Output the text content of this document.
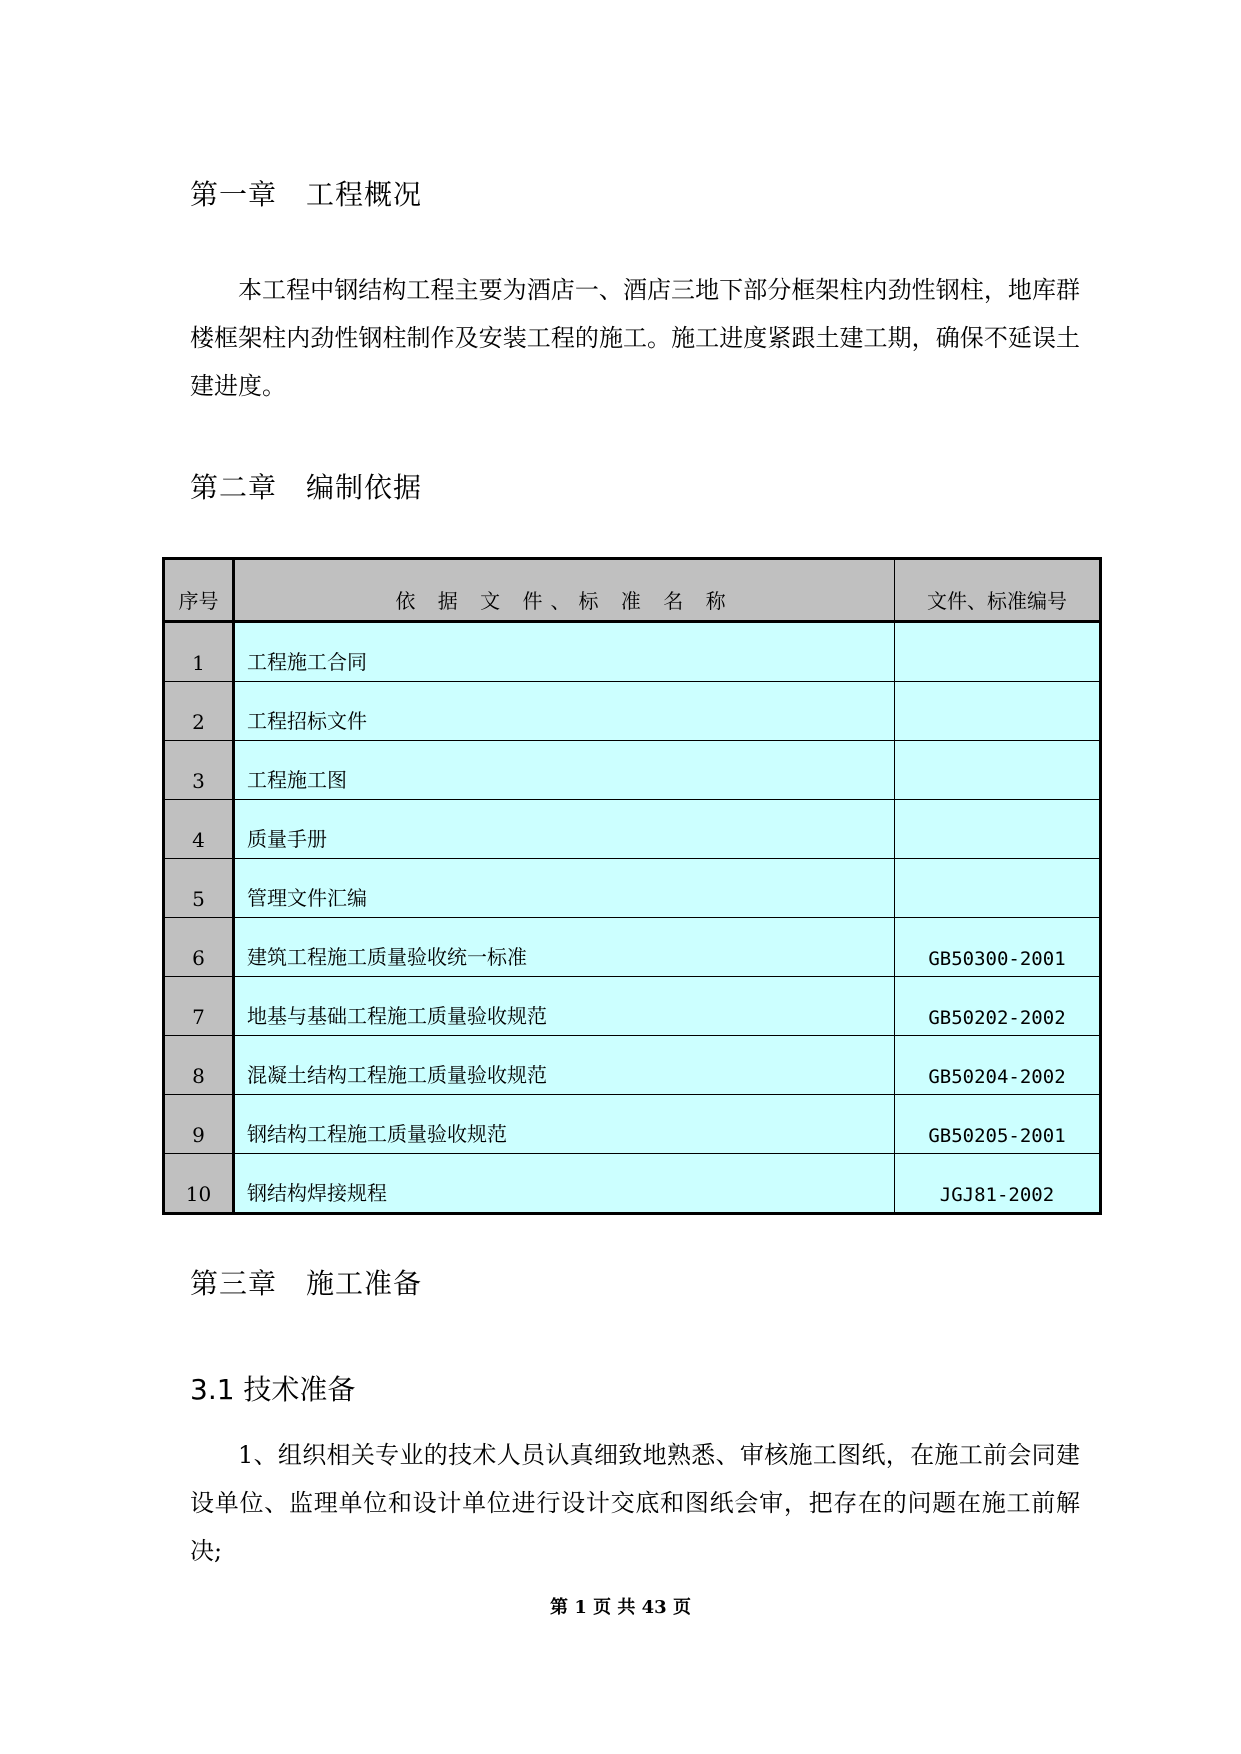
第一章　工程概况
本工程中钢结构工程主要为酒店一、酒店三地下部分框架柱内劲性钢柱，地库群楼框架柱内劲性钢柱制作及安装工程的施工。施工进度紧跟土建工期，确保不延误土建进度。
第二章　编制依据
序号	依 据 文 件、标 准 名 称	文件、标准编号
1	工程施工合同	
2	工程招标文件	
3	工程施工图	
4	质量手册	
5	管理文件汇编	
6	建筑工程施工质量验收统一标准	GB50300-2001
7	地基与基础工程施工质量验收规范	GB50202-2002
8	混凝土结构工程施工质量验收规范	GB50204-2002
9	钢结构工程施工质量验收规范	GB50205-2001
10	钢结构焊接规程	JGJ81-2002
第三章　施工准备
3.1 技术准备
1、组织相关专业的技术人员认真细致地熟悉、审核施工图纸，在施工前会同建设单位、监理单位和设计单位进行设计交底和图纸会审，把存在的问题在施工前解决;
第 1 页 共 43 页
